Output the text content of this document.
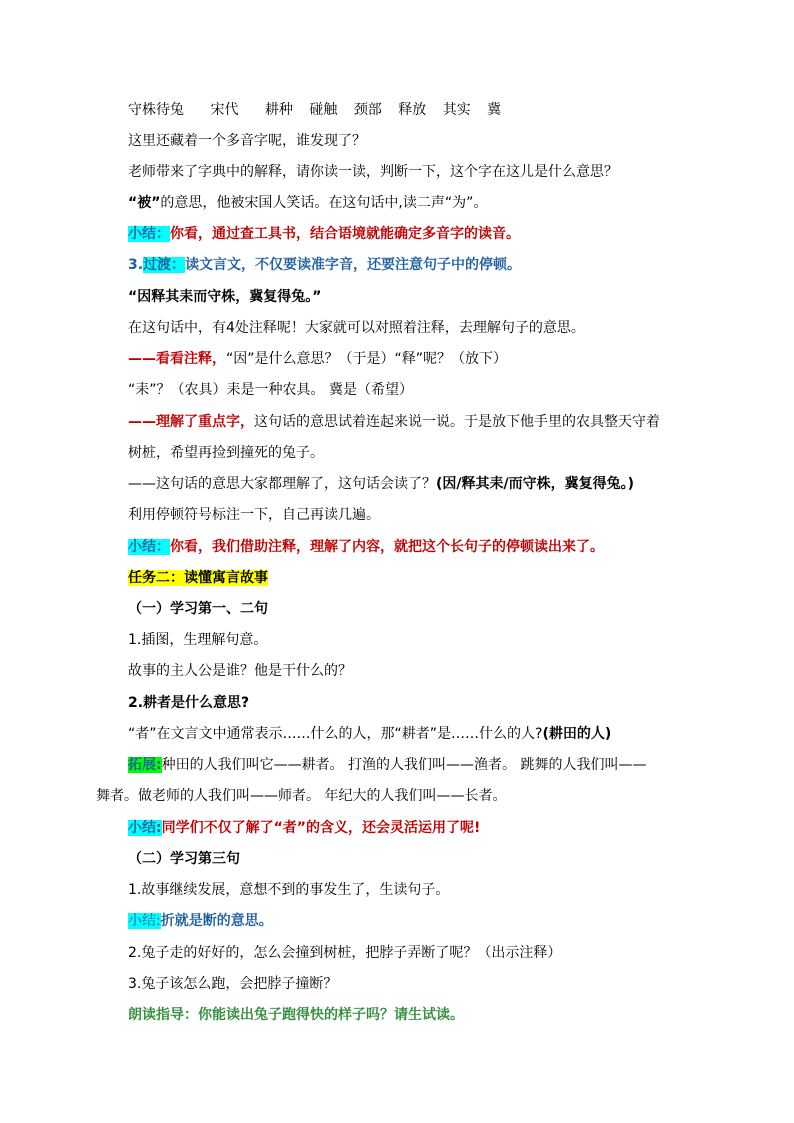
守株待兔 宋代 耕种 碰触 颈部 释放 其实 冀
这里还藏着一个多音字呢，谁发现了？
老师带来了字典中的解释，请你读一读，判断一下，这个字在这儿是什么意思？
“被”的意思，他被宋国人笑话。在这句话中,读二声“为”。
小结：你看，通过查工具书，结合语境就能确定多音字的读音。
3.过渡：读文言文，不仅要读准字音，还要注意句子中的停顿。
“因释其耒而守株，冀复得兔。”
在这句话中，有4处注释呢！大家就可以对照着注释，去理解句子的意思。
——看看注释，“因”是什么意思？（于是）“释”呢？（放下）
“耒”？（农具）耒是一种农具。 冀是（希望）
——理解了重点字，这句话的意思试着连起来说一说。于是放下他手里的农具整天守着
树桩，希望再捡到撞死的兔子。
——这句话的意思大家都理解了，这句话会读了？(因/释其耒/而守株，冀复得兔。)
利用停顿符号标注一下，自己再读几遍。
小结：你看，我们借助注释，理解了内容，就把这个长句子的停顿读出来了。
任务二：读懂寓言故事
（一）学习第一、二句
1.插图，生理解句意。
故事的主人公是谁？他是干什么的？
2.耕者是什么意思?
“者”在文言文中通常表示……什么的人，那“耕者”是……什么的人?(耕田的人)
拓展:种田的人我们叫它——耕者。 打渔的人我们叫——渔者。 跳舞的人我们叫——
舞者。做老师的人我们叫——师者。 年纪大的人我们叫——长者。
小结:同学们不仅了解了“者”的含义，还会灵活运用了呢!
（二）学习第三句
1.故事继续发展，意想不到的事发生了，生读句子。
小结:折就是断的意思。
2.兔子走的好好的，怎么会撞到树桩，把脖子弄断了呢？（出示注释）
3.兔子该怎么跑，会把脖子撞断？
朗读指导：你能读出兔子跑得快的样子吗？请生试读。
